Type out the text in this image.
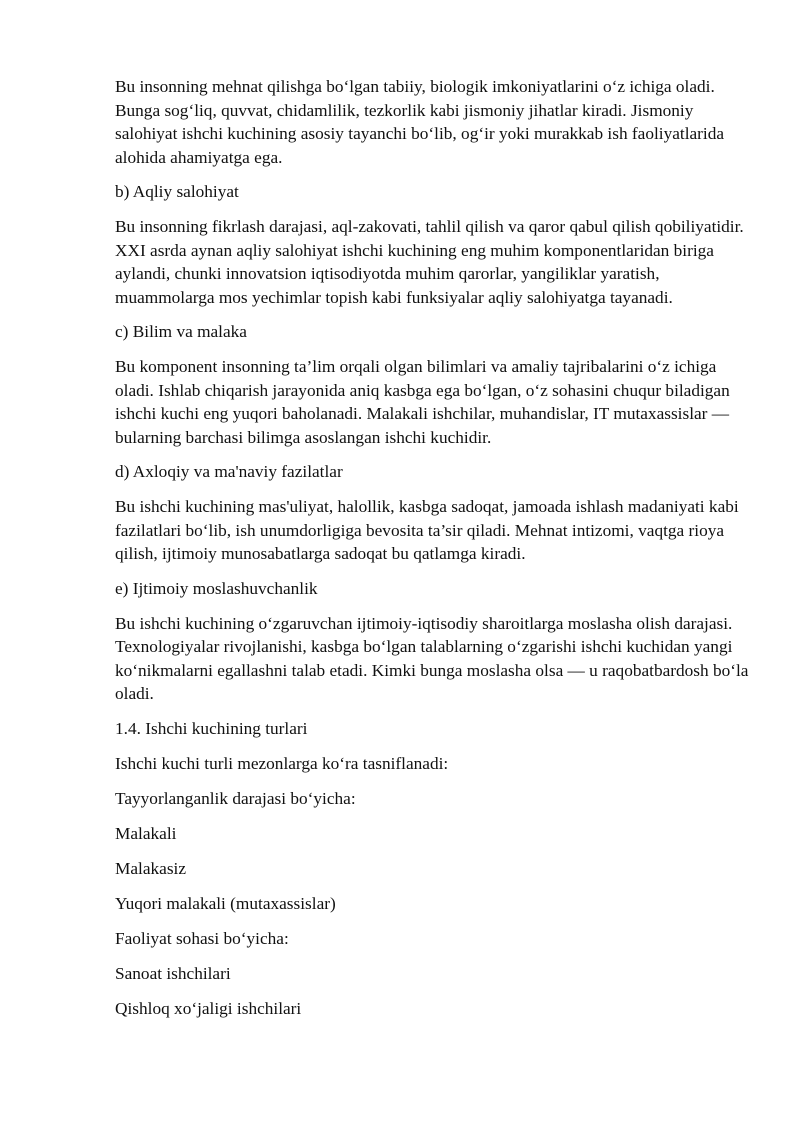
Bu insonning mehnat qilishga bo‘lgan tabiiy, biologik imkoniyatlarini o‘z ichiga oladi. Bunga sog‘liq, quvvat, chidamlilik, tezkorlik kabi jismoniy jihatlar kiradi. Jismoniy salohiyat ishchi kuchining asosiy tayanchi bo‘lib, og‘ir yoki murakkab ish faoliyatlarida alohida ahamiyatga ega.

b) Aqliy salohiyat

Bu insonning fikrlash darajasi, aql-zakovati, tahlil qilish va qaror qabul qilish qobiliyatidir. XXI asrda aynan aqliy salohiyat ishchi kuchining eng muhim komponentlaridan biriga aylandi, chunki innovatsion iqtisodiyotda muhim qarorlar, yangiliklar yaratish, muammolarga mos yechimlar topish kabi funksiyalar aqliy salohiyatga tayanadi.

c) Bilim va malaka

Bu komponent insonning ta’lim orqali olgan bilimlari va amaliy tajribalarini o‘z ichiga oladi. Ishlab chiqarish jarayonida aniq kasbga ega bo‘lgan, o‘z sohasini chuqur biladigan ishchi kuchi eng yuqori baholanadi. Malakali ishchilar, muhandislar, IT mutaxassislar — bularning barchasi bilimga asoslangan ishchi kuchidir.

d) Axloqiy va ma'naviy fazilatlar

Bu ishchi kuchining mas'uliyat, halollik, kasbga sadoqat, jamoada ishlash madaniyati kabi fazilatlari bo‘lib, ish unumdorligiga bevosita ta’sir qiladi. Mehnat intizomi, vaqtga rioya qilish, ijtimoiy munosabatlarga sadoqat bu qatlamga kiradi.

e) Ijtimoiy moslashuvchanlik

Bu ishchi kuchining o‘zgaruvchan ijtimoiy-iqtisodiy sharoitlarga moslasha olish darajasi. Texnologiyalar rivojlanishi, kasbga bo‘lgan talablarning o‘zgarishi ishchi kuchidan yangi ko‘nikmalarni egallashni talab etadi. Kimki bunga moslasha olsa — u raqobatbardosh bo‘la oladi.

1.4. Ishchi kuchining turlari

Ishchi kuchi turli mezonlarga ko‘ra tasniflanadi:

Tayyorlanganlik darajasi bo‘yicha:

Malakali

Malakasiz

Yuqori malakali (mutaxassislar)

Faoliyat sohasi bo‘yicha:

Sanoat ishchilari

Qishloq xo‘jaligi ishchilari
